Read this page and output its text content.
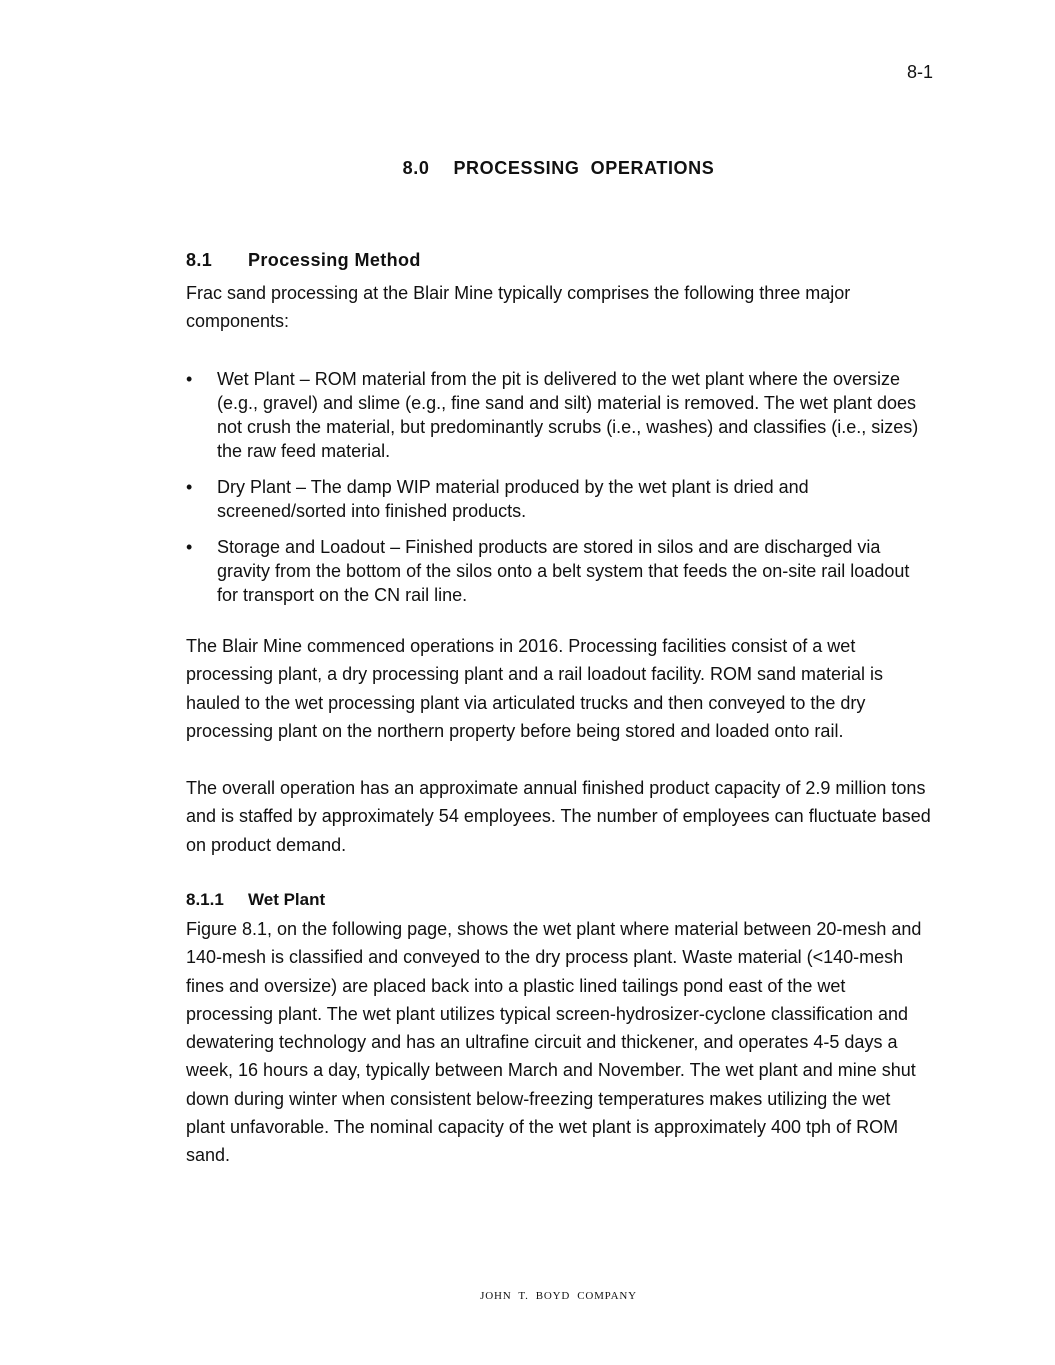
8-1
8.0 PROCESSING  OPERATIONS
8.1 Processing Method

Frac sand processing at the Blair Mine typically comprises the following three major components:

• Wet Plant – ROM material from the pit is delivered to the wet plant where the oversize (e.g., gravel) and slime (e.g., fine sand and silt) material is removed. The wet plant does not crush the material, but predominantly scrubs (i.e., washes) and classifies (i.e., sizes) the raw feed material.
• Dry Plant – The damp WIP material produced by the wet plant is dried and screened/sorted into finished products.
• Storage and Loadout – Finished products are stored in silos and are discharged via gravity from the bottom of the silos onto a belt system that feeds the on-site rail loadout for transport on the CN rail line.

The Blair Mine commenced operations in 2016. Processing facilities consist of a wet processing plant, a dry processing plant and a rail loadout facility. ROM sand material is hauled to the wet processing plant via articulated trucks and then conveyed to the dry processing plant on the northern property before being stored and loaded onto rail.

The overall operation has an approximate annual finished product capacity of 2.9 million tons and is staffed by approximately 54 employees. The number of employees can fluctuate based on product demand.

8.1.1 Wet Plant

Figure 8.1, on the following page, shows the wet plant where material between 20-mesh and 140-mesh is classified and conveyed to the dry process plant. Waste material (<140-mesh fines and oversize) are placed back into a plastic lined tailings pond east of the wet processing plant. The wet plant utilizes typical screen-hydrosizer-cyclone classification and dewatering technology and has an ultrafine circuit and thickener, and operates 4-5 days a week, 16 hours a day, typically between March and November. The wet plant and mine shut down during winter when consistent below-freezing temperatures makes utilizing the wet plant unfavorable. The nominal capacity of the wet plant is approximately 400 tph of ROM sand.

JOHN  T.  BOYD  COMPANY
